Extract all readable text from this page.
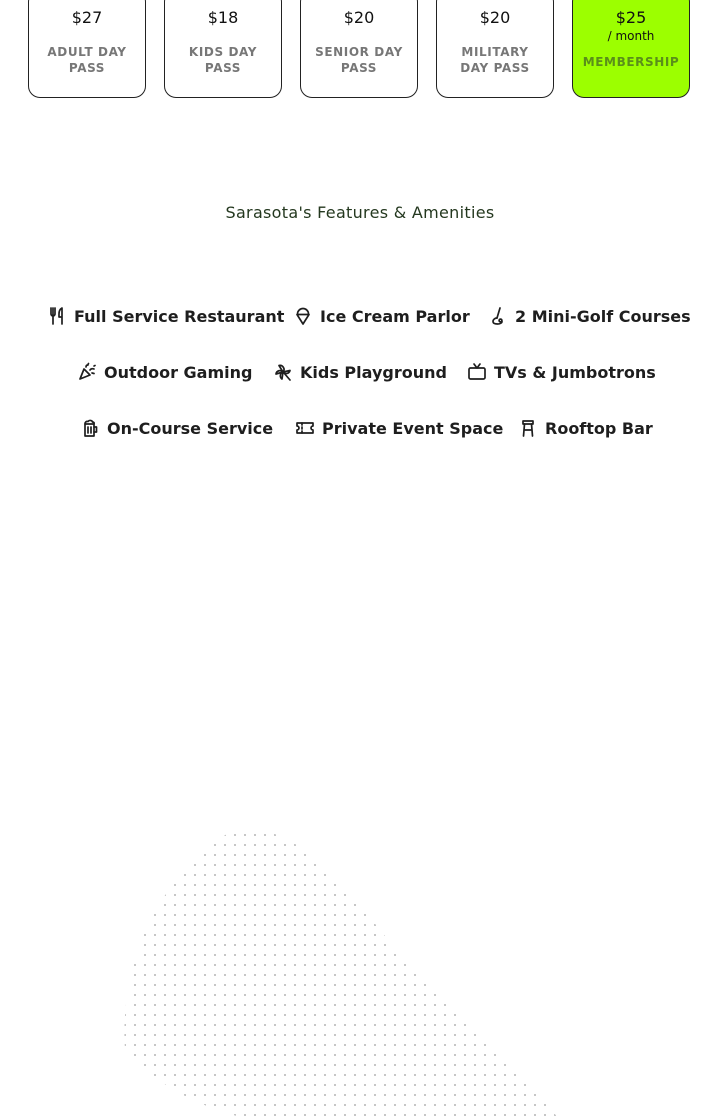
$27
ADULT DAY PASS
$18
KIDS DAY PASS
$20
SENIOR DAY PASS
$20
MILITARY DAY PASS
$25
/ month
MEMBERSHIP
Sarasota's Features & Amenities
Full Service Restaurant Ice Cream Parlor	2 Mini-Golf Courses
Outdoor Gaming	Kids Playground	TVs & Jumbotrons
On-Course Service	Private Event Space	Rooftop Bar
